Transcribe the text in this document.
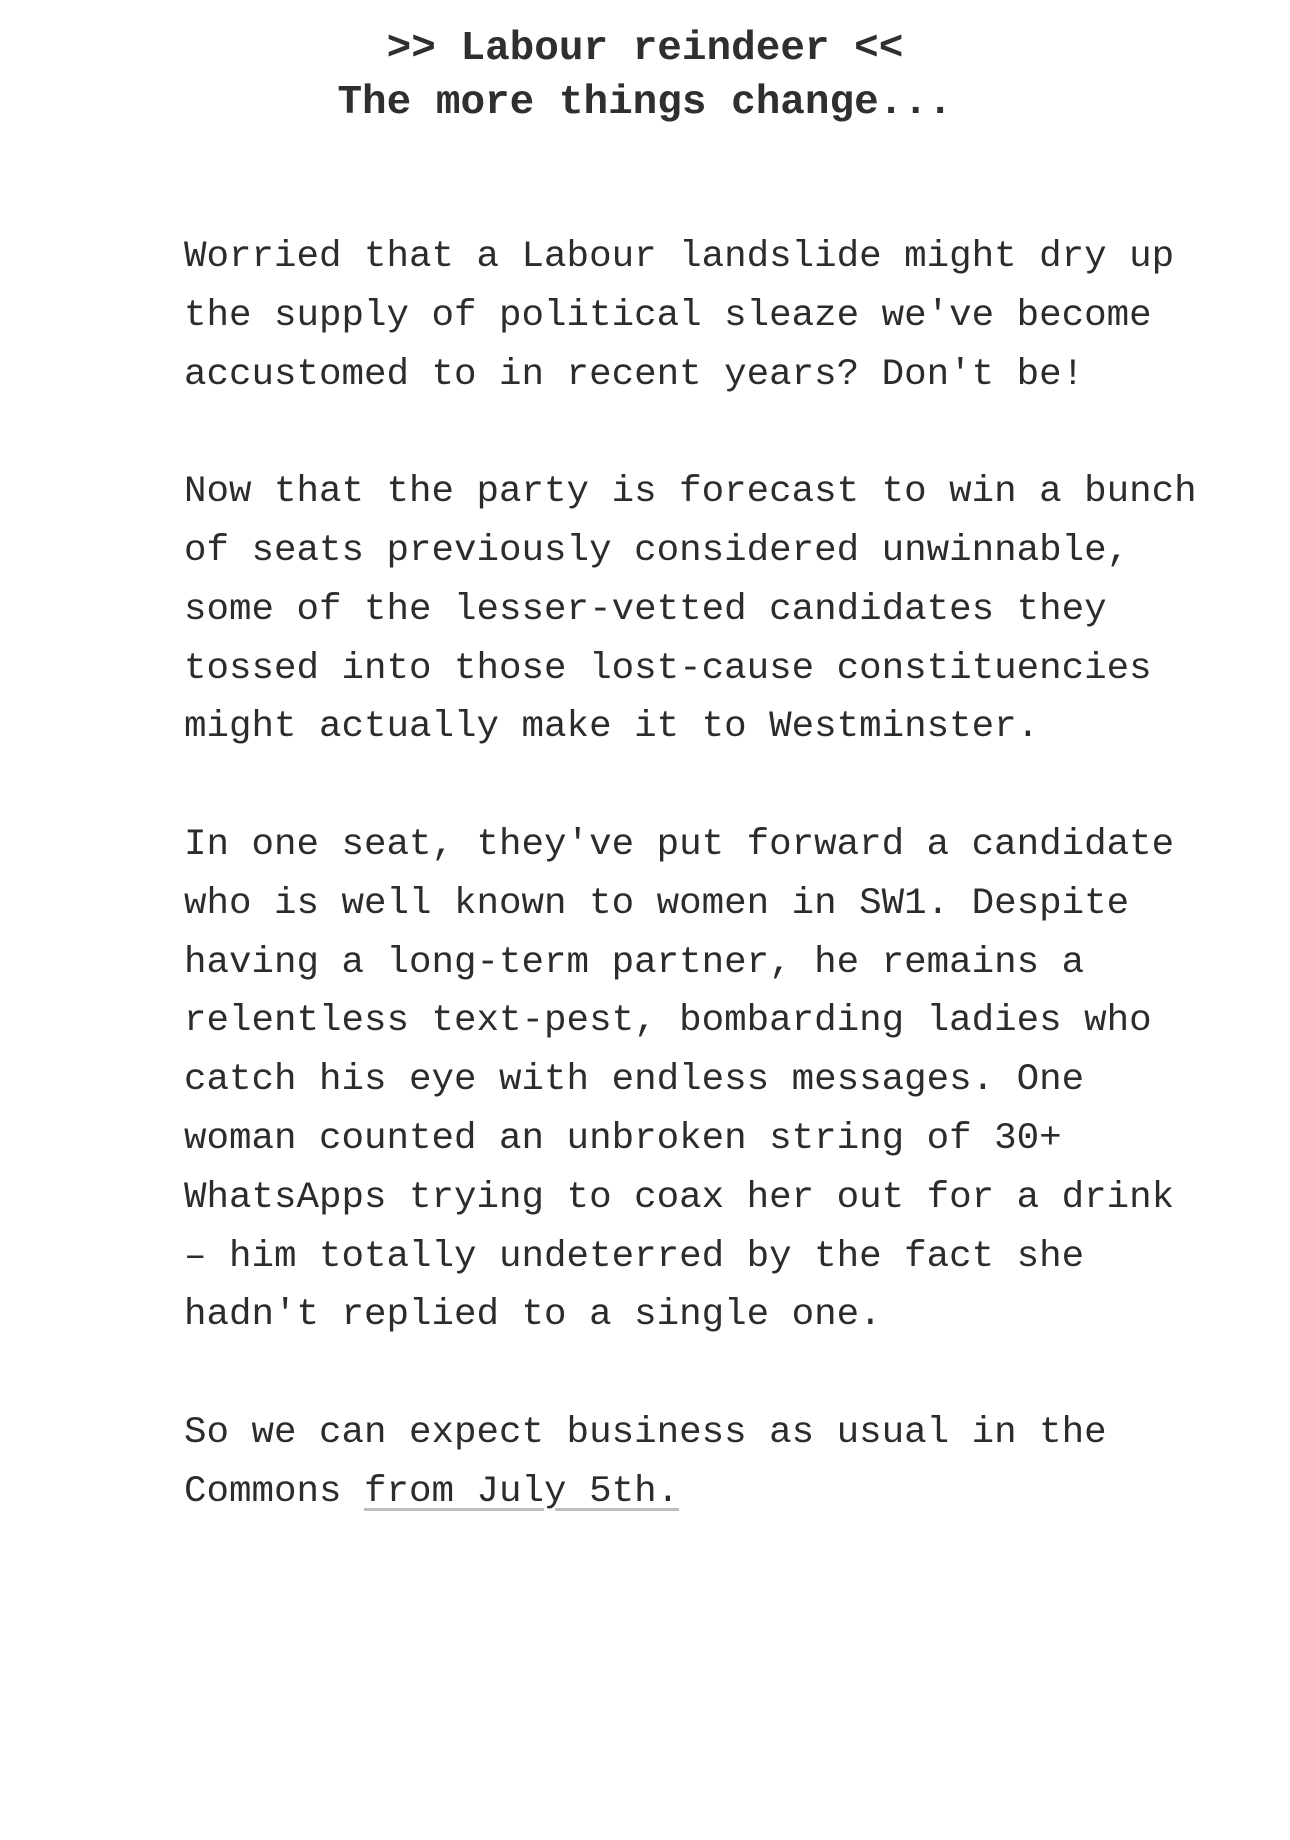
>> Labour reindeer <<
The more things change...

Worried that a Labour landslide might dry up the supply of political sleaze we've become accustomed to in recent years? Don't be!

Now that the party is forecast to win a bunch of seats previously considered unwinnable, some of the lesser-vetted candidates they tossed into those lost-cause constituencies might actually make it to Westminster.

In one seat, they've put forward a candidate who is well known to women in SW1. Despite having a long-term partner, he remains a relentless text-pest, bombarding ladies who catch his eye with endless messages. One woman counted an unbroken string of 30+ WhatsApps trying to coax her out for a drink – him totally undeterred by the fact she hadn't replied to a single one.

So we can expect business as usual in the Commons from July 5th.
